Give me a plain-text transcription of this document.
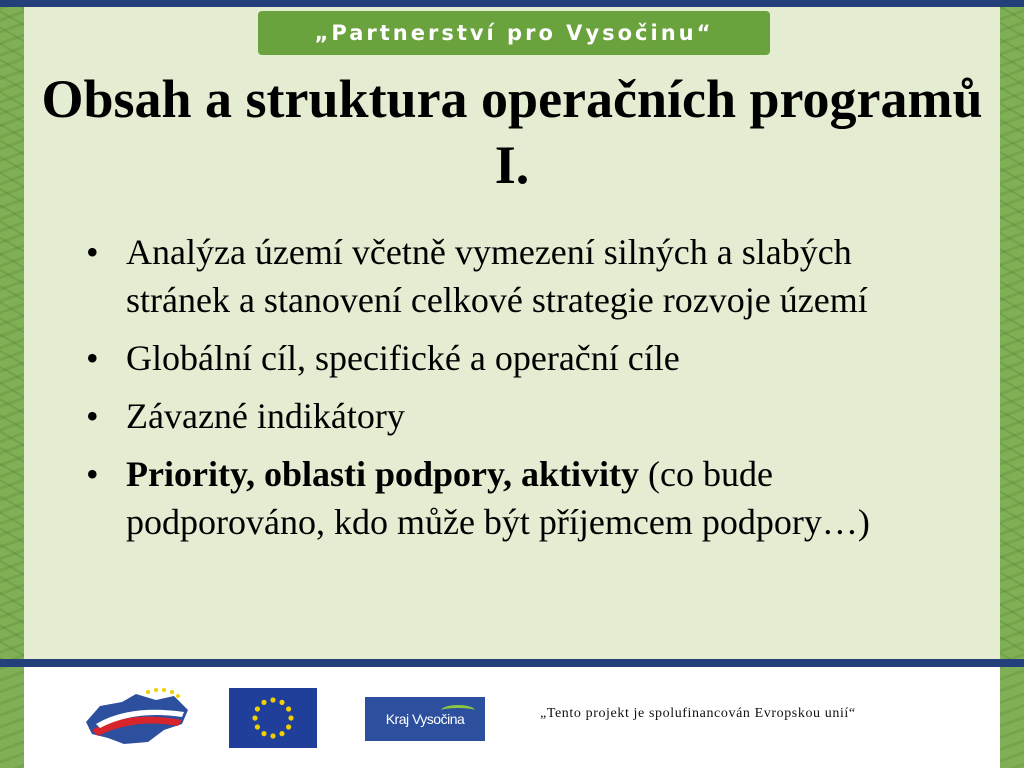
„Partnerství pro Vysočinu“
Obsah a struktura operačních programů I.
• Analýza území včetně vymezení silných a slabých stránek a stanovení celkové strategie rozvoje území
• Globální cíl, specifické a operační cíle
• Závazné indikátory
• Priority, oblasti podpory, aktivity (co bude podporováno, kdo může být příjemcem podpory…)
Kraj Vysočina	„Tento projekt je spolufinancován Evropskou unií“
